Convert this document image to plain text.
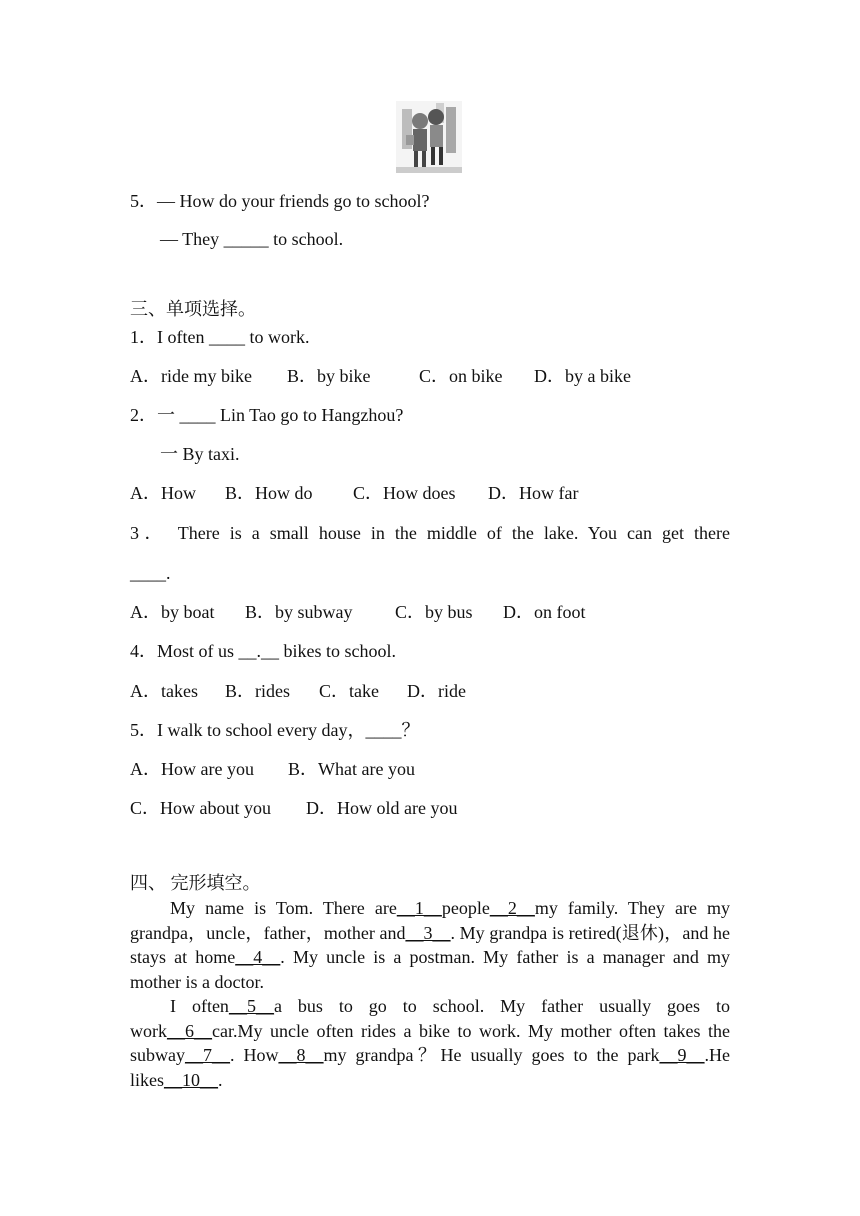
5．— How do your friends go to school?
— They _____ to school.
三、单项选择。
1．I often ____ to work.
A．ride my bike B．by bike	C．on bike D．by a bike
2．一 ____ Lin Tao go to Hangzhou?
一 By taxi.
A．How B．How do C．How does D．How far
3． There is a small house in the middle of the lake. You can get there
____.
A．by boat B．by subway C．by bus D．on foot
4．Most of us __.__ bikes to school.
A．takes B．rides C．take D．ride
5．I walk to school every day，____？
A．How are you B．What are you
C．How about you D．How old are you
四、 完形填空。
My name is Tom. There are__1__people__2__my family. They are my grandpa，uncle，father，mother and__3__. My grandpa is retired(退休)，and he stays at home__4__. My uncle is a postman. My father is a manager and my mother is a doctor.
I often__5__a bus to go to school. My father usually goes to work__6__car.My uncle often rides a bike to work. My mother often takes the subway__7__. How__8__my grandpa？He usually goes to the park__9__.He likes__10__.
